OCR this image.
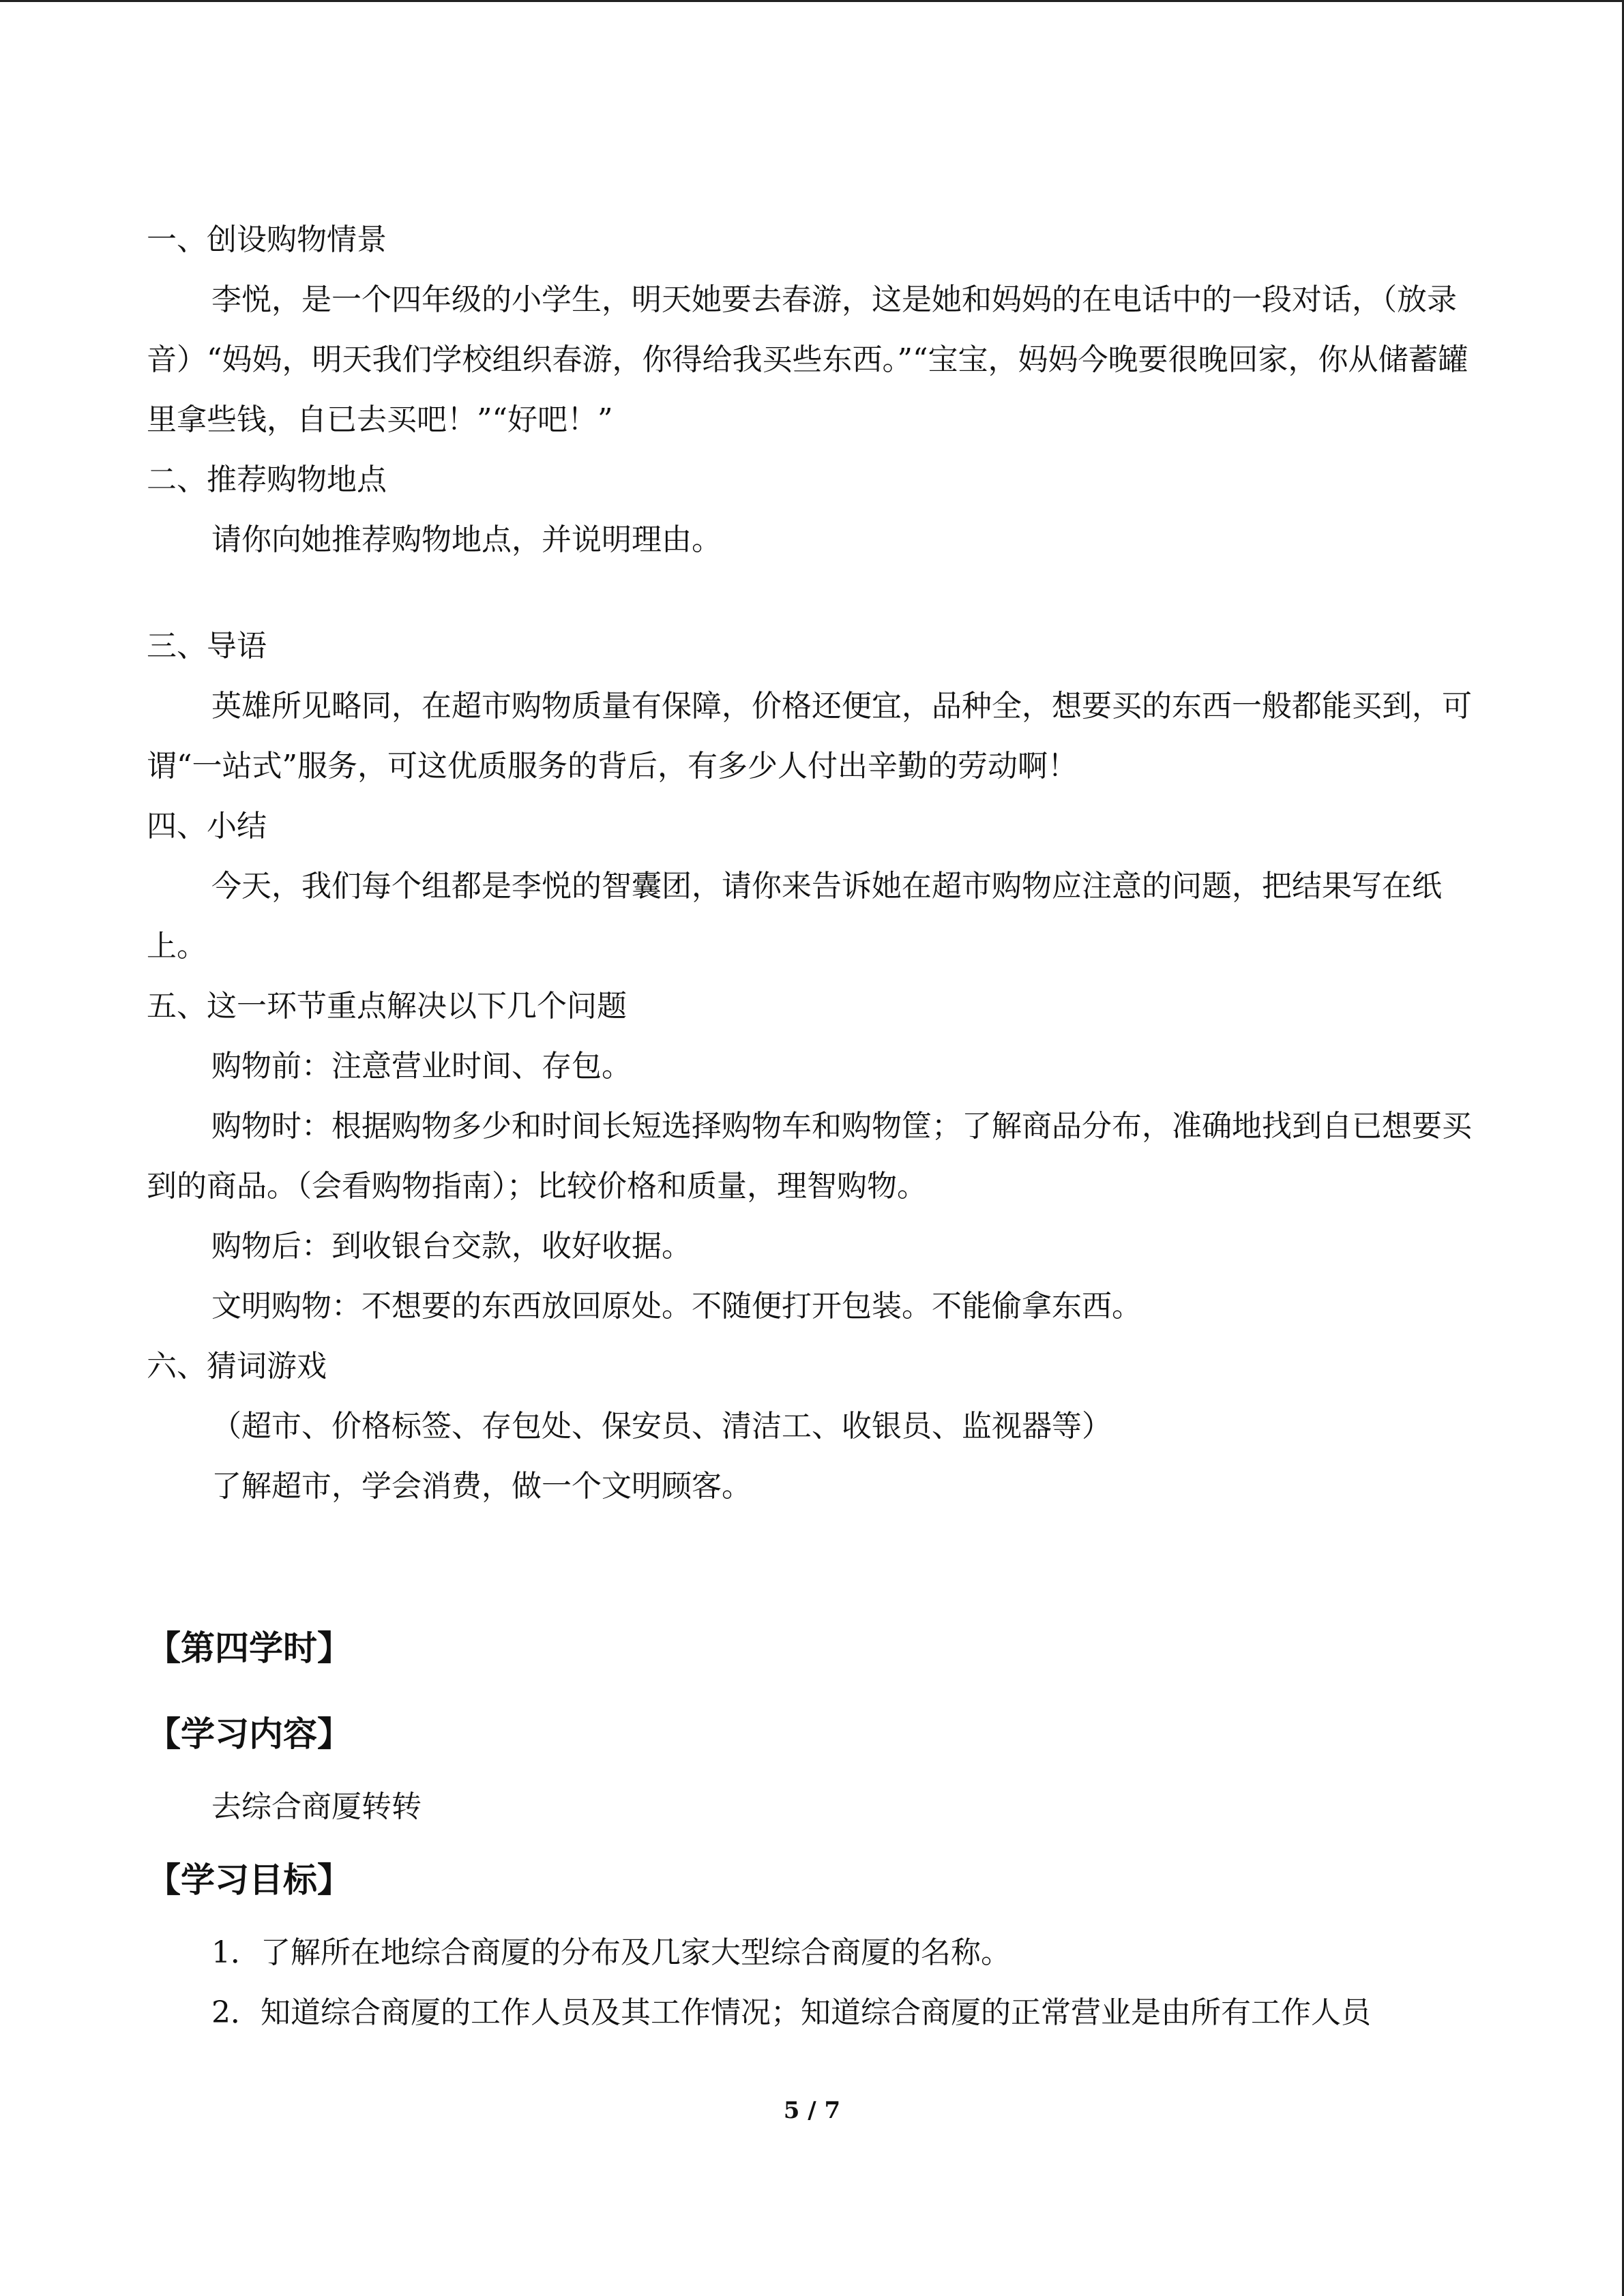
一、创设购物情景

李悦，是一个四年级的小学生，明天她要去春游，这是她和妈妈的在电话中的一段对话，（放录音）“妈妈，明天我们学校组织春游，你得给我买些东西。”“宝宝，妈妈今晚要很晚回家，你从储蓄罐里拿些钱，自已去买吧！”“好吧！”

二、推荐购物地点

请你向她推荐购物地点，并说明理由。

三、导语

英雄所见略同，在超市购物质量有保障，价格还便宜，品种全，想要买的东西一般都能买到，可谓“一站式”服务，可这优质服务的背后，有多少人付出辛勤的劳动啊！

四、小结

今天，我们每个组都是李悦的智囊团，请你来告诉她在超市购物应注意的问题，把结果写在纸上。

五、这一环节重点解决以下几个问题

购物前：注意营业时间、存包。

购物时：根据购物多少和时间长短选择购物车和购物筐；了解商品分布，准确地找到自已想要买到的商品。（会看购物指南）；比较价格和质量，理智购物。

购物后：到收银台交款，收好收据。

文明购物：不想要的东西放回原处。不随便打开包装。不能偷拿东西。

六、猜词游戏

（超市、价格标签、存包处、保安员、清洁工、收银员、监视器等）

了解超市，学会消费，做一个文明顾客。

【第四学时】

【学习内容】

去综合商厦转转

【学习目标】

1．了解所在地综合商厦的分布及几家大型综合商厦的名称。

2．知道综合商厦的工作人员及其工作情况；知道综合商厦的正常营业是由所有工作人员

5 / 7
